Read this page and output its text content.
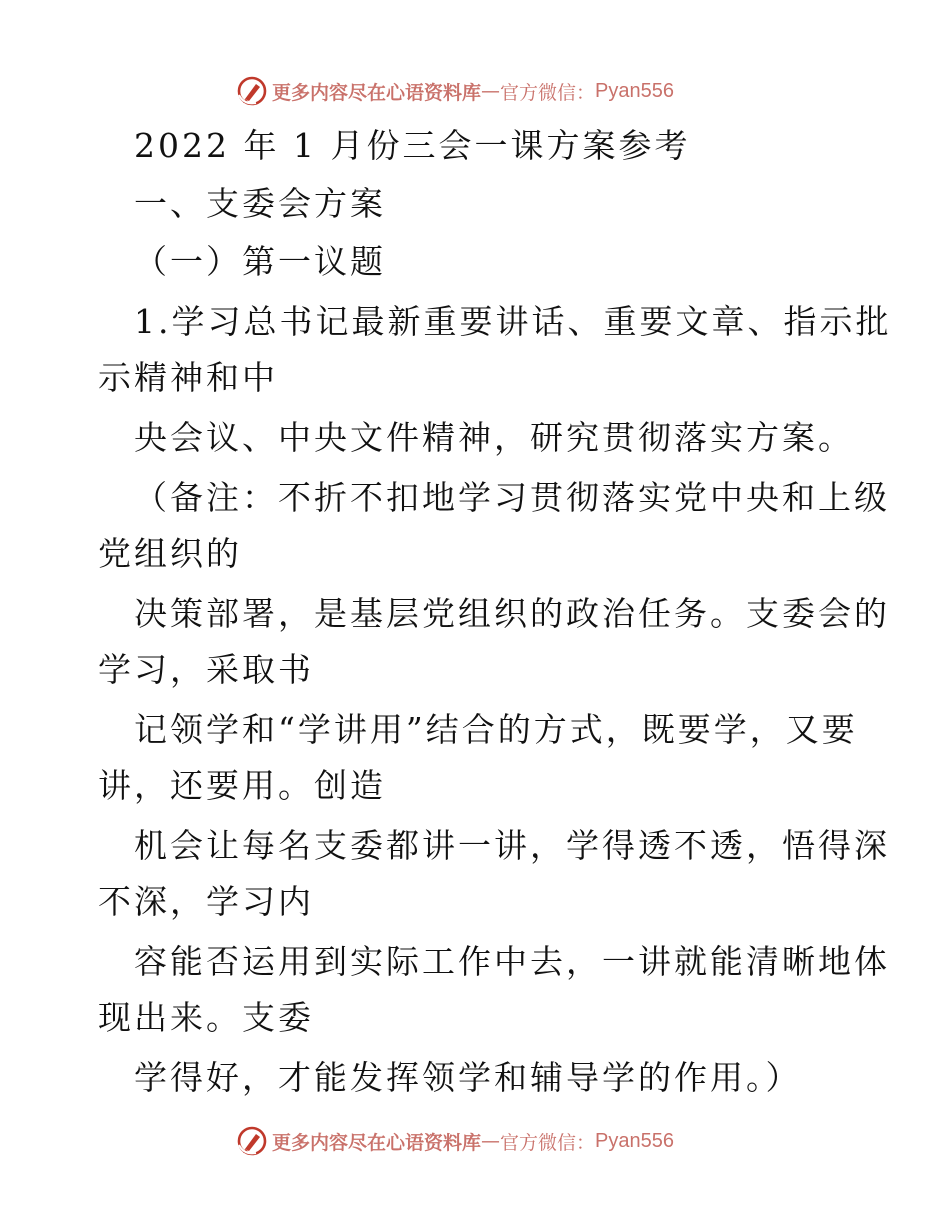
更多内容尽在心语资料库 — 官方微信： Pyan556
2022 年 1 月份三会一课方案参考
一、支委会方案
（一）第一议题
1.学习总书记最新重要讲话、重要文章、指示批
示精神和中
央会议、中央文件精神，研究贯彻落实方案。
（备注：不折不扣地学习贯彻落实党中央和上级
党组织的
决策部署，是基层党组织的政治任务。支委会的
学习，采取书
记领学和“学讲用”结合的方式，既要学，又要
讲，还要用。创造
机会让每名支委都讲一讲，学得透不透，悟得深
不深，学习内
容能否运用到实际工作中去，一讲就能清晰地体
现出来。支委
学得好，才能发挥领学和辅导学的作用。）
更多内容尽在心语资料库 — 官方微信： Pyan556
